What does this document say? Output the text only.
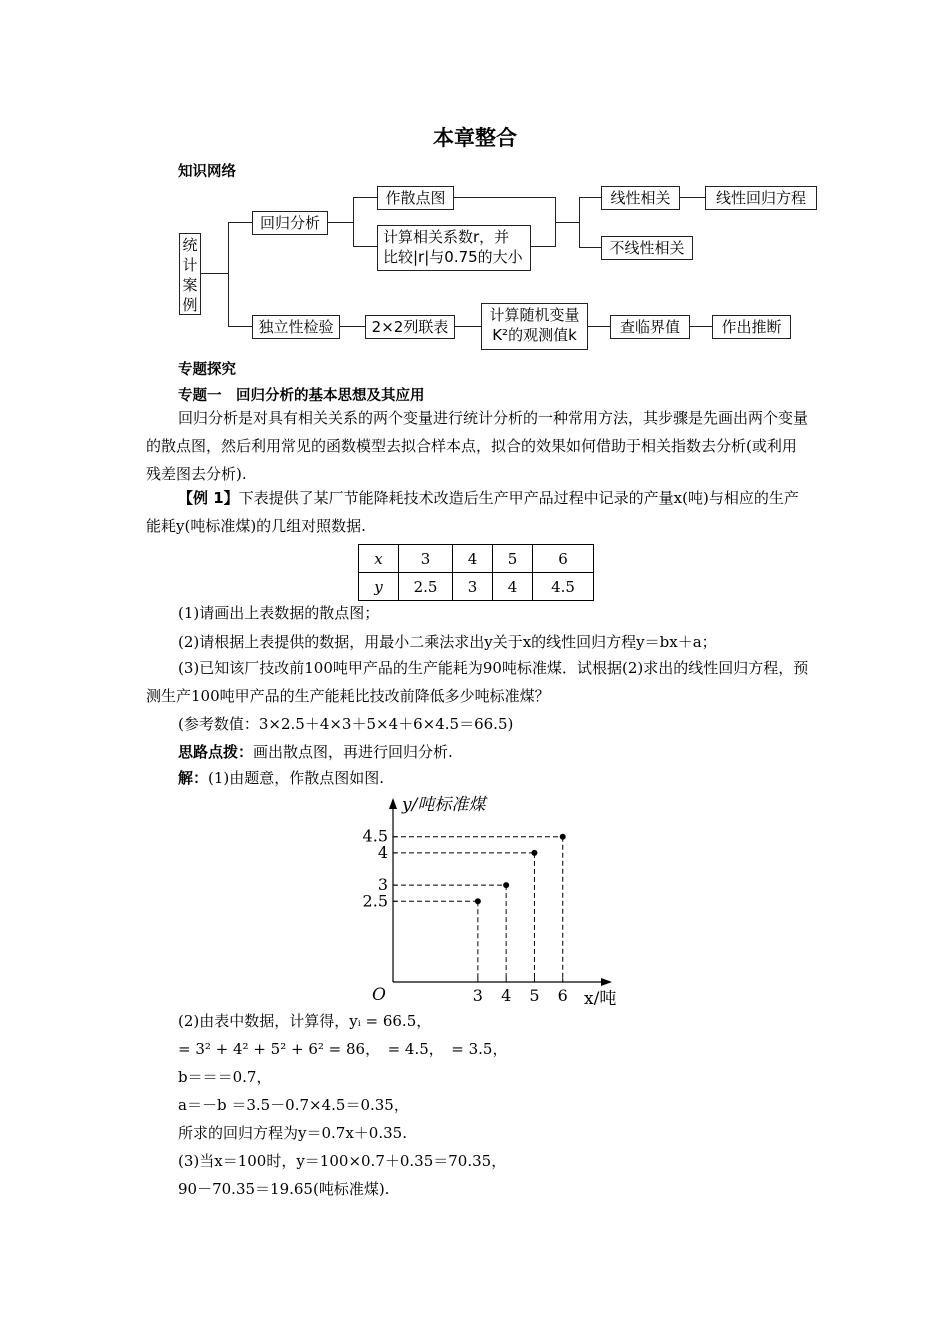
本章整合
知识网络
统
计
案
例
回归分析
作散点图
计算相关系数r，并
比较|r|与0.75的大小
线性相关	线性回归方程
不线性相关
独立性检验	2×2列联表
计算随机变量
K²的观测值k	查临界值	作出推断
专题探究
专题一　回归分析的基本思想及其应用
回归分析是对具有相关关系的两个变量进行统计分析的一种常用方法，其步骤是先画出两个变量的散点图，然后利用常见的函数模型去拟合样本点，拟合的效果如何借助于相关指数去分析(或利用残差图去分析).
【例 1】下表提供了某厂节能降耗技术改造后生产甲产品过程中记录的产量x(吨)与相应的生产能耗y(吨标准煤)的几组对照数据.
x	3	4	5	6
y	2.5	3	4	4.5
(1)请画出上表数据的散点图；
(2)请根据上表提供的数据，用最小二乘法求出y关于x的线性回归方程y＝bx＋a；
(3)已知该厂技改前100吨甲产品的生产能耗为90吨标准煤．试根据(2)求出的线性回归方程，预测生产100吨甲产品的生产能耗比技改前降低多少吨标准煤？
(参考数值：3×2.5＋4×3＋5×4＋6×4.5＝66.5)
思路点拨：画出散点图，再进行回归分析.
解：(1)由题意，作散点图如图.
y/吨标准煤
x/吨
O	3
2.5
4
3
5
4
6
4.5
(2)由表中数据，计算得，yᵢ = 66.5，
= 3² + 4² + 5² + 6² = 86，　= 4.5，　= 3.5，
b＝＝＝0.7，
a＝－b ＝3.5－0.7×4.5＝0.35，
所求的回归方程为y＝0.7x＋0.35.
(3)当x＝100时，y＝100×0.7＋0.35＝70.35，
90－70.35＝19.65(吨标准煤).
